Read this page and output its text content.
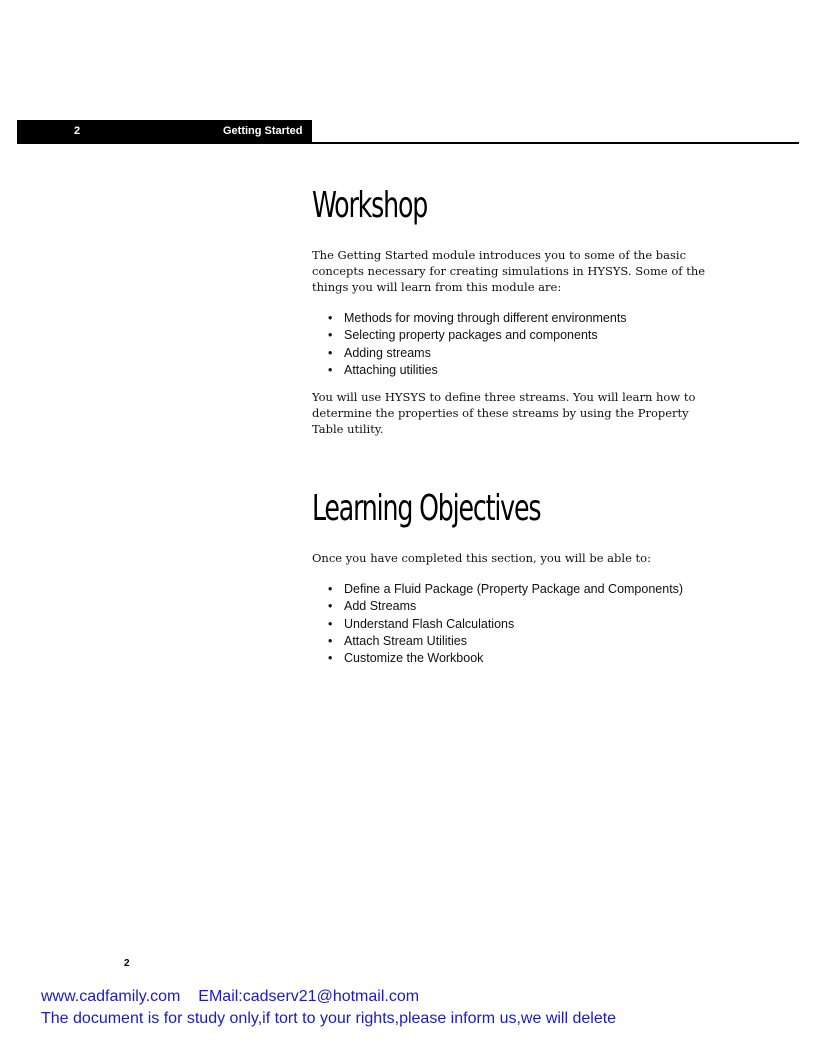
2	Getting Started
Workshop

The Getting Started module introduces you to some of the basic concepts necessary for creating simulations in HYSYS. Some of the things you will learn from this module are:

• Methods for moving through different environments
• Selecting property packages and components
• Adding streams
• Attaching utilities

You will use HYSYS to define three streams. You will learn how to determine the properties of these streams by using the Property Table utility.

Learning Objectives

Once you have completed this section, you will be able to:

• Define a Fluid Package (Property Package and Components)
• Add Streams
• Understand Flash Calculations
• Attach Stream Utilities
• Customize the Workbook
2
www.cadfamily.com EMail:cadserv21@hotmail.com
The document is for study only,if tort to your rights,please inform us,we will delete
